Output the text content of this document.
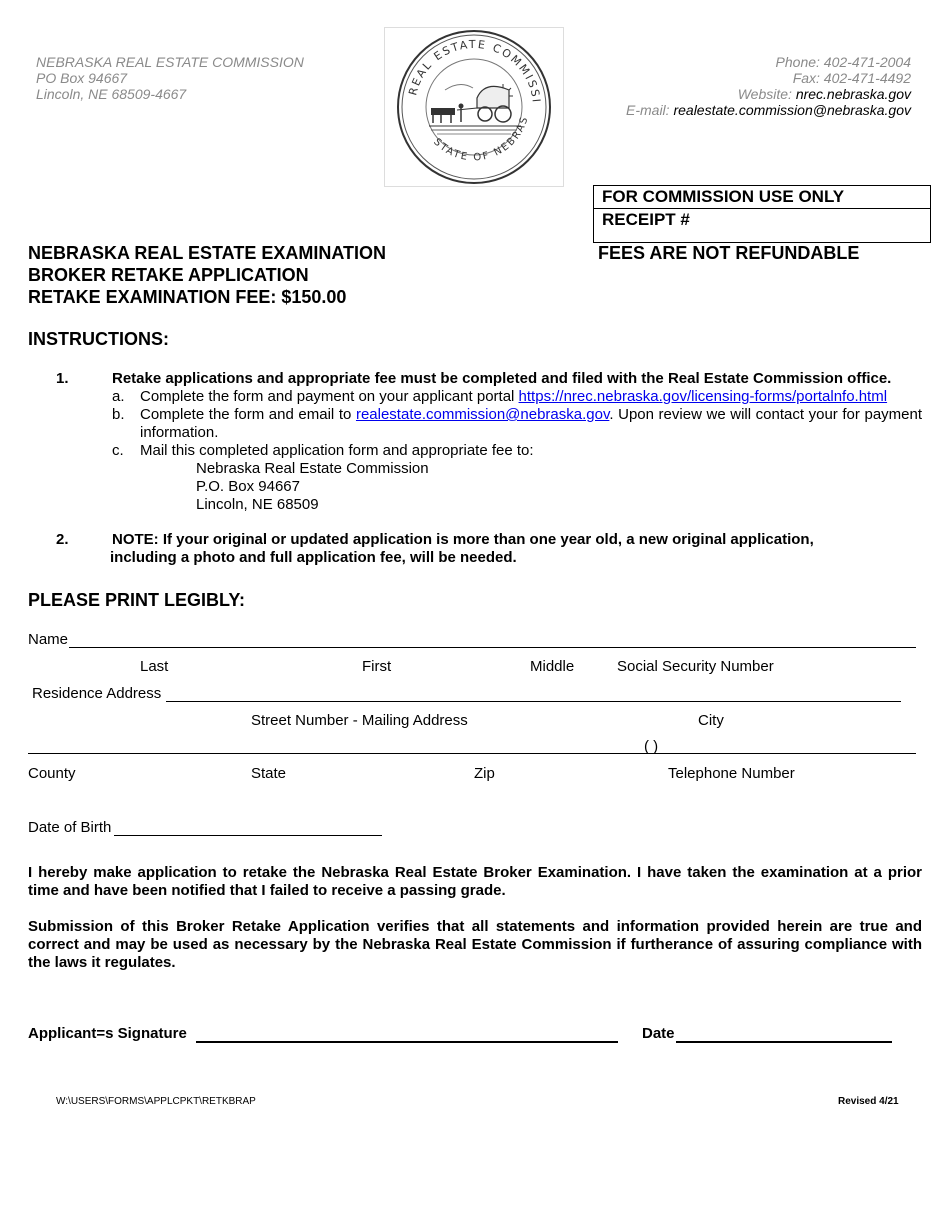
NEBRASKA REAL ESTATE COMMISSION
PO Box 94667
Lincoln, NE 68509-4667	REAL ESTATE COMMISSI
STATE OF NEBRAS
Phone: 402-471-2004
Fax: 402-471-4492
Website: nrec.nebraska.gov
E-mail: realestate.commission@nebraska.gov
FOR COMMISSION USE ONLY
RECEIPT #
FEES ARE NOT REFUNDABLE
NEBRASKA REAL ESTATE EXAMINATION
BROKER RETAKE APPLICATION
RETAKE EXAMINATION FEE: $150.00
INSTRUCTIONS:
1.	Retake applications and appropriate fee must be completed and filed with the Real Estate Commission office.
a. Complete the form and payment on your applicant portal https://nrec.nebraska.gov/licensing-forms/portalnfo.html
b. Complete the form and email to realestate.commission@nebraska.gov. Upon review we will contact your for payment information.
c. Mail this completed application form and appropriate fee to:
Nebraska Real Estate Commission
P.O. Box 94667
Lincoln, NE 68509
2.	NOTE: If your original or updated application is more than one year old, a new original application,
including a photo and full application fee, will be needed.
PLEASE PRINT LEGIBLY:
Name
Last	First	Middle	Social Security Number
Residence Address
Street Number - Mailing Address	City
( )
County	State	Zip	Telephone Number
Date of Birth
I hereby make application to retake the Nebraska Real Estate Broker Examination. I have taken the examination at a prior time and have been notified that I failed to receive a passing grade.
Submission of this Broker Retake Application verifies that all statements and information provided herein are true and correct and may be used as necessary by the Nebraska Real Estate Commission if furtherance of assuring compliance with the laws it regulates.
Applicant=s Signature	Date
W:\USERS\FORMS\APPLCPKT\RETKBRAP	Revised 4/21
